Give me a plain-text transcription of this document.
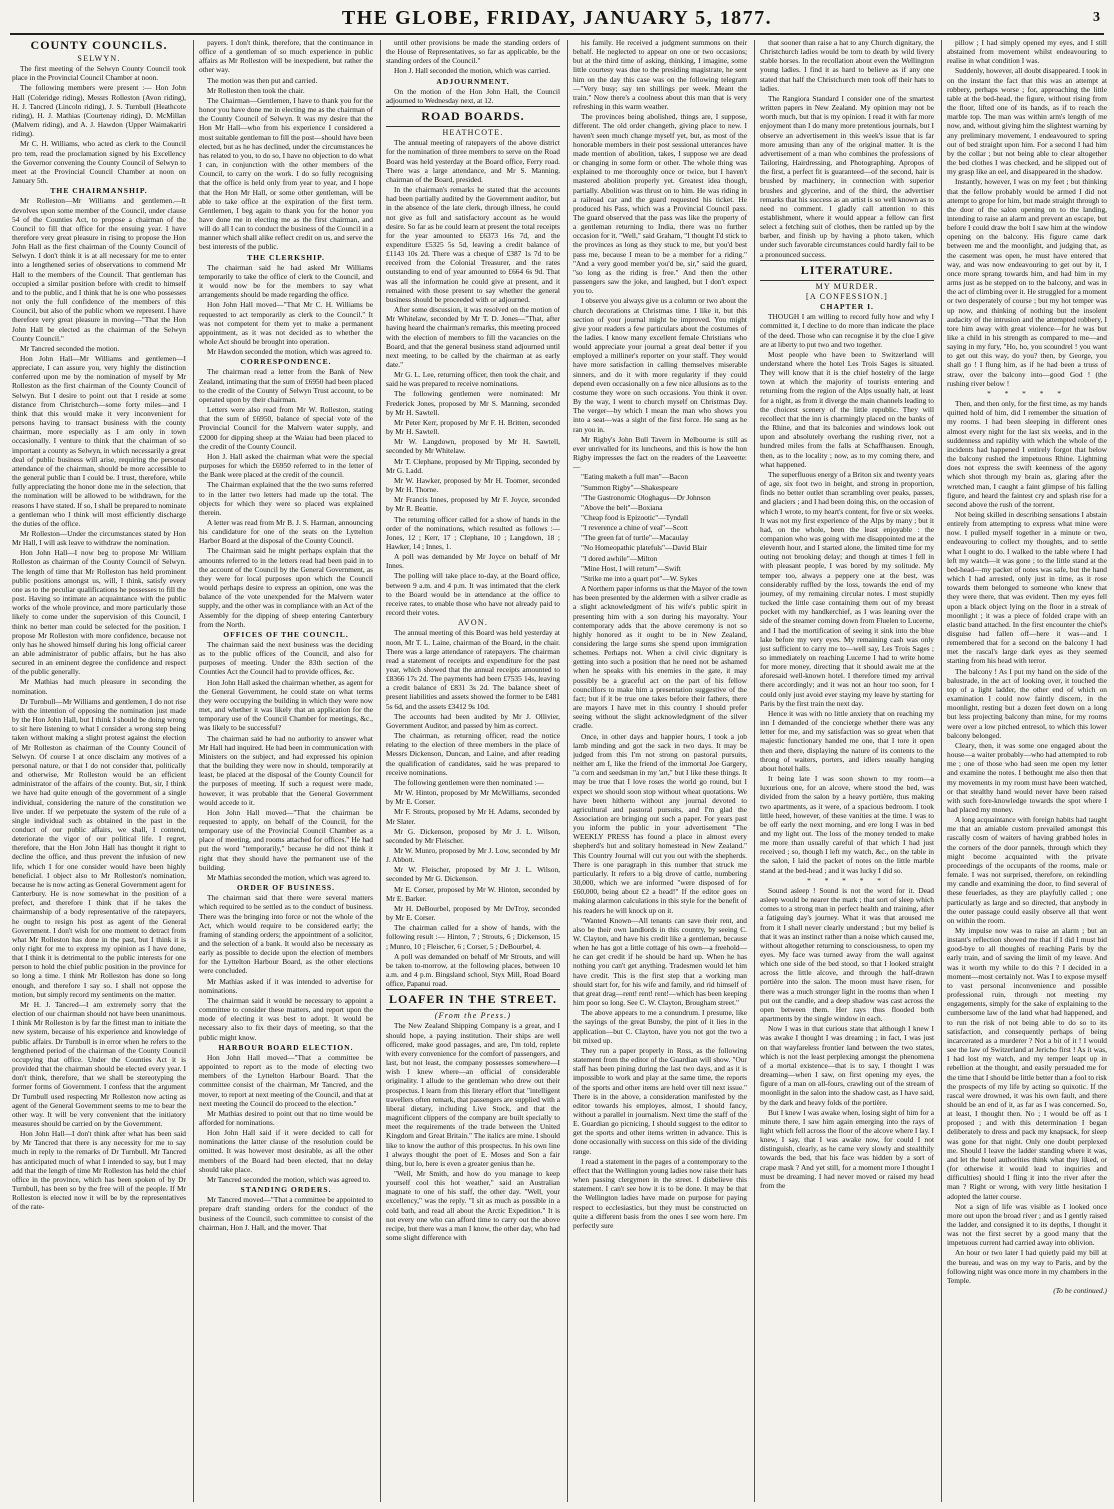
THE GLOBE, FRIDAY, JANUARY 5, 1877.	3

COUNTY COUNCILS.

SELWYN.

The first meeting of the Selwyn County Council took place in the Provincial Council Chamber at noon.

The following members were present :— Hon John Hall (Coleridge riding), Messrs Rolleston (Avon riding), H. J. Tancred (Lincoln riding), J. S. Turnbull (Heathcote riding), H. J. Mathias (Courtenay riding), D. McMillan (Malvern riding), and A. J. Hawdon (Upper Waimakariri riding).

Mr C. H. Williams, who acted as clerk to the Council pro tem, read the proclamation signed by his Excellency the Governor convening the County Council of Selwyn to meet at the Provincial Council Chamber at noon on January 5th.

THE CHAIRMANSHIP.

Mr Rolleston—Mr Williams and gentlemen.—It devolves upon some member of the Council, under clause 54 of the Counties Act, to propose a chairman of the Council to fill that office for the ensuing year. I have therefore very great pleasure in rising to propose the Hon John Hall as the first chairman of the County Council of Selwyn. I don't think it is at all necessary for me to enter into a lengthened series of observations to commend Mr Hall to the members of the Council. That gentleman has occupied a similar position before with credit to himself and to the public, and I think that he is one who possesses not only the full confidence of the members of this Council, but also of the public whom we represent. I have therefore very great pleasure in moving—"That the Hon John Hall be elected as the chairman of the Selwyn County Council."

Mr Tancred seconded the motion.

Hon John Hall—Mr Williams and gentlemen—I appreciate, I can assure you, very highly the distinction conferred upon me by the nomination of myself by Mr Rolleston as the first chairman of the County Council of Selwyn. But I desire to point out that I reside at some distance from Christchurch—some forty miles—and I think that this would make it very inconvenient for persons having to transact business with the county chairman, more especially as I am only in town occasionally. I venture to think that the chairman of so important a county as Selwyn, in which necessarily a great deal of public business will arise, requiring the personal attendance of the chairman, should be more accessible to the general public than I could be. I trust, therefore, while fully appreciating the honor done me in the selection, that the nomination will be allowed to be withdrawn, for the reasons I have stated. If so, I shall be prepared to nominate a gentleman who I think will most efficiently discharge the duties of the office.

Mr Rolleston—Under the circumstances stated by Hon Mr Hall, I will ask leave to withdraw the nomination.

Hon John Hall—I now beg to propose Mr William Rolleston as chairman of the County Council of Selwyn. The length of time that Mr Rolleston has held prominent public positions amongst us, will, I think, satisfy every one as to the peculiar qualifications he possesses to fill the post. Having so intimate an acquaintance with the public works of the whole province, and more particularly those likely to come under the supervision of this Council, I think no better man could be selected for the position. I propose Mr Rolleston with more confidence, because not only has he showed himself during his long official career an able administrator of public affairs, but he has also secured in an eminent degree the confidence and respect of the public generally.

Mr Mathias had much pleasure in seconding the nomination.

Dr Turnbull—Mr Williams and gentlemen, I do not rise with the intention of opposing the nomination just made by the Hon John Hall, but I think I should be doing wrong to sit here listening to what I consider a wrong step being taken without making a slight protest against the election of Mr Rolleston as chairman of the County Council of Selwyn. Of course I at once disclaim any motives of a personal nature, or that I do not consider that, politically and otherwise, Mr Rolleston would be an efficient administrator of the affairs of the county. But, sir, I think we have had quite enough of the government of a single individual, considering the nature of the constitution we live under. If we perpetuate the system of the rule of a single individual such as obtained in the past in the conduct of our public affairs, we shall, I contend, deteriorate the vigor of our political life. I regret, therefore, that the Hon John Hall has thought it right to decline the office, and thus prevent the infusion of new life, which I for one consider would have been highly beneficial. I object also to Mr Rolleston's nomination, because he is now acting as General Government agent for Canterbury. He is now somewhat in the position of a prefect, and therefore I think that if he takes the chairmanship of a body representative of the ratepayers, he ought to resign his post as agent of the General Government. I don't wish for one moment to detract from what Mr Rolleston has done in the past, but I think it is only right for me to express my opinion as I have done, that I think it is detrimental to the public interests for one person to hold the chief public position in the province for so long a time. I think Mr Rolleston has done so long enough, and therefore I say so. I shall not oppose the motion, but simply record my sentiments on the matter.

Mr H. J. Tancred—I am extremely sorry that the election of our chairman should not have been unanimous. I think Mr Rolleston is by far the fittest man to initiate the new system, because of his experience and knowledge of public affairs. Dr Turnbull is in error when he refers to the lengthened period of the chairman of the County Council occupying that office. Under the Counties Act it is provided that the chairman should be elected every year. I don't think, therefore, that we shall be stereotyping the former forms of Government. I confess that the argument Dr Turnbull used respecting Mr Rolleston now acting as agent of the General Government seems to me to bear the other way. It will be very convenient that the initiatory measures should be carried on by the Government.

Hon John Hall—I don't think after what has been said by Mr Tancred that there is any necessity for me to say much in reply to the remarks of Dr Turnbull. Mr Tancred has anticipated much of what I intended to say, but I may add that the length of time Mr Rolleston has held the chief office in the province, which has been spoken of by Dr Turnbull, has been so by the free will of the people. If Mr Rolleston is elected now it will be by the representatives of the rate-

payers. I don't think, therefore, that the continuance in office of a gentleman of so much experience in public affairs as Mr Rolleston will be inexpedient, but rather the other way.

The motion was then put and carried.

Mr Rolleston then took the chair.

The Chairman—Gentlemen, I have to thank you for the honor you have done me in electing me as the chairman of the County Council of Selwyn. It was my desire that the Hon Mr Hall—who from his experience I considered a most suitable gentleman to fill the post—should have been elected, but as he has declined, under the circumstances he has related to you, to do so, I have no objection to do what I can, in conjunction with the other members of the Council, to carry on the work. I do so fully recognising that the office is held only from year to year, and I hope that the Hon Mr Hall, or some other gentleman, will be able to take office at the expiration of the first term. Gentlemen, I beg again to thank you for the honor you have done me in electing me as the first chairman, and will do all I can to conduct the business of the Council in a manner which shall alike reflect credit on us, and serve the best interests of the public.

THE CLERKSHIP.

The chairman said he had asked Mr Williams temporarily to take the office of clerk to the Council, and it would now be for the members to say what arrangements should be made regarding the office.

Hon John Hall moved—"That Mr C. H. Williams be requested to act temporarily as clerk to the Council." It was not competent for them yet to make a permanent appointment, as it was not decided as to whether the whole Act should be brought into operation.

Mr Hawdon seconded the motion, which was agreed to.

CORRESPONDENCE.

The chairman read a letter from the Bank of New Zealand, intimating that the sum of £6950 had been placed to the credit of the County of Selwyn Trust account, to be operated upon by their chairman.

Letters were also read from Mr W. Rolleston, stating that the sum of £6950, balance of special vote of the Provincial Council for the Malvern water supply, and £2000 for dipping sheep at the Waiau had been placed to the credit of the County Council.

Hon J. Hall asked the chairman what were the special purposes for which the £6950 referred to in the letter of the Bank were placed at the credit of the council.

The Chairman explained that the the two sums referred to in the latter two letters had made up the total. The objects for which they were so placed was explained therein.

A letter was read from Mr B. J. S. Harman, announcing his candidature for one of the seats on the Lyttelton Harbor Board at the disposal of the County Council.

The Chairman said he might perhaps explain that the amounts referred to in the letters read had been paid in to the account of the Council by the General Government, as they were for local purposes upon which the Council would perhaps desire to express an opinion, one was the balance of the vote unexpended for the Malvern water supply, and the other was in compliance with an Act of the Assembly for the dipping of sheep entering Canterbury from the North.

OFFICES OF THE COUNCIL.

The chairman said the next business was the deciding as to the public offices of the Council, and also for purposes of meeting. Under the 83th section of the Counties Act the Council had to provide offices, &c.

Hon John Hall asked the chairman whether, as agent for the General Government, he could state on what terms they were occupying the building in which they were now met, and whether it was likely that an application for the temporary use of the Council Chamber for meetings, &c., was likely to be successful?

The chairman said he had no authority to answer what Mr Hall had inquired. He had been in communication with Ministers on the subject, and had expressed his opinion that the building they were now in should, temporarily at least, be placed at the disposal of the County Council for the purposes of meeting. If such a request were made, however, it was probable that the General Government would accede to it.

Hon John Hall moved—"That the chairman be requested to apply, on behalf of the Council, for the temporary use of the Provincial Council Chamber as a place of meeting, and rooms attached for offices." He had put the word "temporarily," because he did not think it right that they should have the permanent use of the building.

Mr Mathias seconded the motion, which was agreed to.

ORDER OF BUSINESS.

The chairman said that there were several matters which required to be settled as to the conduct of business. There was the bringing into force or not the whole of the Act, which would require to be considered early; the framing of standing orders; the appointment of a solicitor, and the selection of a bank. It would also be necessary as early as possible to decide upon the election of members for the Lyttelton Harbour Board, as the other elections were concluded.

Mr Mathias asked if it was intended to advertise for nominations.

The chairman said it would be necessary to appoint a committee to consider these matters, and report upon the mode of electing it was best to adopt. It would be necessary also to fix their days of meeting, so that the public might know.

HARBOUR BOARD ELECTION.

Hon John Hall moved—"That a committee be appointed to report as to the mode of electing two members of the Lyttelton Harbour Board. That the committee consist of the chairman, Mr Tancred, and the mover, to report at next meeting of the Council, and that at next meeting the Council do proceed to the election."

Mr Mathias desired to point out that no time would be afforded for nominations.

Hon John Hall said if it were decided to call for nominations the latter clause of the resolution could be omitted. It was however most desirable, as all the other members of the Board had been elected, that no delay should take place.

Mr Tancred seconded the motion, which was agreed to.

STANDING ORDERS.

Mr Tancred moved—"That a committee be appointed to prepare draft standing orders for the conduct of the business of the Council, such committee to consist of the chairman, Hon J. Hall, and the mover. That

until other provisions be made the standing orders of the House of Representatives, so far as applicable, be the standing orders of the Council."

Hon J. Hall seconded the motion, which was carried.

ADJOURNMENT.

On the motion of the Hon John Hall, the Council adjourned to Wednesday next, at 12.

ROAD BOARDS.

HEATHCOTE.

The annual meeting of ratepayers of the above district for the nomination of three members to serve on the Road Board was held yesterday at the Board office, Ferry road. There was a large attendance, and Mr S. Manning, chairman of the Board, presided.

In the chairman's remarks he stated that the accounts had been partially audited by the Government auditor, but in the absence of the late clerk, through illness, he could not give as full and satisfactory account as he would desire. So far as he could learn at present the total receipts for the year amounted to £6373 16s 7d, and the expenditure £5325 5s 5d, leaving a credit balance of £1143 10s 2d. There was a cheque of £387 1s 7d to be received from the Colonial Treasurer, and the rates outstanding to end of year amounted to £664 6s 9d. That was all the information he could give at present, and it remained with those present to say whether the general business should be proceeded with or adjourned.

After some discussion, it was resolved on the motion of Mr Whitelaw, seconded by Mr T. D. Jones—"That, after having heard the chairman's remarks, this meeting proceed with the election of members to fill the vacancies on the Board, and that the general business stand adjourned until next meeting, to be called by the chairman at as early date."

Mr G. L. Lee, returning officer, then took the chair, and said he was prepared to receive nominations.

The following gentlemen were nominated: Mr Frederick Jones, proposed by Mr S. Manning, seconded by Mr H. Sawtell.

Mr Peter Kerr, proposed by Mr F. H. Britten, seconded by Mr H. Sawtell.

Mr W. Langdown, proposed by Mr H. Sawtell, seconded by Mr Whitelaw.

Mr T. Clephane, proposed by Mr Tipping, seconded by Mr G. Ladd.

Mr W. Hawker, proposed by Mr H. Toomer, seconded by Mr H. Thorne.

Mr Francis Innes, proposed by Mr F. Joyce, seconded by Mr R. Beattie.

The returning officer called for a show of hands in the order of the nominations, which resulted as follows :—Jones, 12 ; Kerr, 17 ; Clephane, 10 ; Langdown, 18 ; Hawker, 14 ; Innes, 1.

A poll was demanded by Mr Joyce on behalf of Mr Innes.

The polling will take place to-day, at the Board office, between 9 a.m. and 4 p.m. It was intimated that the clerk to the Board would be in attendance at the office to receive rates, to enable those who have not already paid to record their votes.

AVON.

The annual meeting of this Board was held yesterday at noon, Mr T. L. Laine, chairman of the Board, in the chair. There was a large attendance of ratepayers. The chairman read a statement of receipts and expenditure for the past year, which showed that the annual receipts amounted to £8366 17s 2d. The payments had been £7535 14s, leaving a credit balance of £831 3s 2d. The balance sheet of present liabilities and assets showed the former to be £481 5s 6d, and the assets £3412 9s 10d.

The accounts had been audited by Mr J. Ollivier, Government Auditor, and passed by him as correct.

The chairman, as returning officer, read the notice relating to the election of three members in the place of Messrs Dickenson, Duncan, and Laine, and after reading the qualification of candidates, said he was prepared to receive nominations.

The following gentlemen were then nominated :—

Mr W. Hinton, proposed by Mr McWilliams, seconded by Mr E. Corser.

Mr F. Strouts, proposed by Mr H. Adams, seconded by Mr Slater.

Mr G. Dickenson, proposed by Mr J. L. Wilson, seconded by Mr Fleischer.

Mr W. Munro, proposed by Mr J. Low, seconded by Mr J. Abbott.

Mr W. Fleischer, proposed by Mr J. L. Wilson, seconded by Mr G. Dickenson.

Mr E. Corser, proposed by Mr W. Hinton, seconded by Mr E. Barker.

Mr H. DeBourbel, proposed by Mr DeTroy, seconded by Mr E. Corser.

The chairman called for a show of hands, with the following result :— Hinton, 7 ; Strouts, 6 ; Dickenson, 15 ; Munro, 10 ; Fleischer, 6 ; Corser, 5 ; DeBourbel, 4.

A poll was demanded on behalf of Mr Strouts, and will be taken to-morrow, at the following places, between 10 a.m. and 4 p.m. Bingsland school, Styx Mill, Road Board office, Papanui road.

LOAFER IN THE STREET.

(From the Press.)

The New Zealand Shipping Company is a great, and I should hope, a paying institution. Their ships are well officered, make good passages, and are, I'm told, replete with every convenience for the comfort of passengers, and last, but not least, the company possesses somewhere—I wish I knew where—an official of considerable originality. I allude to the gentleman who drew out their prospectus. I learn from this literary effort that "intelligent travellers often remark, that passengers are supplied with a liberal dietary, including Live Stock, and that the magnificent clippers of the company are built specially to meet the requirements of the trade between the United Kingdom and Great Britain." The italics are mine. I should like to know the author of this prospectus. In his own line I always thought the poet of E. Moses and Son a fair thing, but lo, here is even a greater genius than he.

"Well, Mr Smith, and how do you manage to keep yourself cool this hot weather," said an Australian magnate to one of his staff, the other day. "Well, your excellency," was the reply. "I sit as much as possible in a cold bath, and read all about the Arctic Expedition." It is not every one who can afford time to carry out the above recipe, but there was a man I know, the other day, who had some slight difference with

his family. He received a judgment summons on their behalf. He neglected to appear on one or two occasions; but at the third time of asking, thinking, I imagine, some little courtesy was due to the presiding magistrate, he sent him on the day this case was on the following telegram—"Very busy; say ten shillings per week. Meant the train." Now there's a coolness about this man that is very refreshing in this warm weather.

The provinces being abolished, things are, I suppose, different. The old order changeth, giving place to new. I haven't seen much change myself yet, but, as most of the honorable members in their post sessional utterances have made mention of abolition, takes, I suppose we are dead or changing in some form or other. The whole thing was explained to me thoroughly once or twice, but I haven't mastered abolition properly yet. Greatest idea though, partially. Abolition was thrust on to him. He was riding in a railroad car and the guard requested his ticket. He produced his Pass, which was a Provincial Council pass. The guard observed that the pass was like the property of a gentleman returning to India, there was no further occasion for it. "Well," said Graham, "I thought I'd stick to the provinces as long as they stuck to me, but you'd best pass me, because I mean to be a member for a riding." "And a very good member you'd be, sir," said the guard, "so long as the riding is free." And then the other passengers saw the joke, and laughed, but I don't expect you to.

I observe you always give us a column or two about the church decorations at Christmas time. I like it, but this section of your journal might be improved. You might give your readers a few particulars about the costumes of the ladies. I know many excellent female Christians who would appreciate your journal a great deal better if you employed a milliner's reporter on your staff. They would have more satisfaction in calling themselves miserable sinners, and do it with more regularity if they could depend even occasionally on a few nice allusions as to the costume they wore on such occasions. You think it over. By the way, I went to church myself on Christmas Day. The verger—by which I mean the man who shows you into a seat—was a sight of the first force. He sang as he ran you in.

Mr Rigby's John Bull Tavern in Melbourne is still as ever unrivalled for its luncheons, and this is how the hon Rigby impresses the fact on the readers of the Leaveette:—

"Eating maketh a full man"—Bacon

"Summon Rigby"—Shakespeare

"The Gastronomic Ologhagus—Dr Johnson

"Above the belt"—Boxiana

"Cheap food is Epizootic"—Tyndall

"I reverence a chine of veal"—Scott

"The green fat of turtle"—Macaulay

"No Homeopathic platefuls"—David Blair

"I dored awhile"—Milton

"Mine Host, I will return"—Swift

"Strike me into a quart pot"—W. Sykes

A Northern paper informs us that the Mayor of the town has been presented by the aldermen with a silver cradle as a slight acknowledgment of his wife's public spirit in presenting him with a son during his mayoralty. Your contemporary adds that the above ceremony is not so highly honored as it ought to be in New Zealand, considering the large sums she spend upon immigration schemes. Perhaps not. When a civil civic dignitary is getting into such a position that he need not be ashamed when he speaks with his enemies in the gate, it may possibly be a graceful act on the part of his fellow councillors to make him a presentation suggestive of the fact; but if it be true one takes before their fathers, there are mayors I have met in this country I should prefer seeing without the slight acknowledgment of the silver cradle.

Once, in other days and happier hours, I took a job lamb minding and got the sack in two days. It may be judged from this I'm not strong on pastoral pursuits, neither am I, like the friend of the immortal Joe Gargery, "a corn and seedsman in my 'art," but I like these things. It may be true that I love roses the world go round, but I expect we should soon stop without wheat quotations. We have been hitherto without any journal devoted to agricultural and pastoral pursuits, and I'm glad the Association are bringing out such a paper. For years past you inform the public in your advertisement "The WEEKLY PRESS has found a place in almost every shepherd's hut and solitary homestead in New Zealand." This Country Journal will cut you out with the shepherds. There is one paragraph in this number that struck me particularly. It refers to a big drove of cattle, numbering 30,000, which we are informed "were disposed of for £60,000, being about £2 a head!" If the editor goes on making alarmon calculations in this style for the benefit of his readers he will knock up on it.

"Wanted Known—All tenants can save their rent, and also be their own landlords in this country, by seeing C. W. Clayton, and have his credit like a gentleman, because when he has got a little cottage of his own—a freehold—he can get credit if he should be hard up. When he has nothing you can't get anything. Tradesmen would let him have credit. This is the first step that a working man should start for, for his wife and family, and rid himself of that great drag—rent! rent! rent!—which has been keeping him poor so long. See C. W. Clayton, Brougham street."

The above appears to me a conundrum. I presume, like the sayings of the great Bunsby, the pint of it lies in the application—but C. Clayton, have you not got the two a bit mixed up.

They run a paper properly in Ross, as the following statement from the editor of the Guardian will show. "Our staff has been pining during the last two days, and as it is impossible to work and play at the same time, the reports of the sports and other items are held over till next issue." There is in the above, a consideration manifested by the editor towards his employes, almost, I should fancy, without a parallel in journalism. Next time the staff of the E. Guardian go picnicing, I should suggest to the editor to get the sports and other items written in advance. This is done occasionally with success on this side of the dividing range.

I read a statement in the pages of a contemporary to the effect that the Wellington young ladies now raise their hats when passing clergymen in the street. I disbelieve this statement. I can't see how it is to be done. It may be that the Wellington ladies have made on purpose for paying respect to ecclesiastics, but they must be constructed on quite a different basis from the ones I see worn here. I'm perfectly sure

that sooner than raise a hat to any Church dignitary, the Christchurch ladies would be torn to death by wild livery stable horses. In the recollation about even the Wellington young ladies. I find it as hard to believe as if any one stated that half the Christchurch men took off their hats to ladies.

The Rangiora Standard I consider one of the smartest written papers in New Zealand. My opinion may not be worth much, but that is my opinion. I read it with far more enjoyment than I do many more pretentious journals, but I observe an advertisement in this week's issue that is far more amusing than any of the original matter. It is the advertisement of a man who combines the professions of Tailoring, Hairdressing, and Photographing. Apropos of the first, a perfect fit is guaranteed—of the second, hair is brushed by machinery, in connection with superior brushes and glycerine, and of the third, the advertiser remarks that his success as an artist is so well known as to need no comment. I gladly call attention to this establishment, where it would appear a fellow can first select a fetching suit of clothes, then be rattled up by the barber, and finish up by having a photo taken, which under such favorable circumstances could hardly fail to be a pronounced success.

LITERATURE.

MY MURDER.

[A CONFESSION.]

CHAPTER I.

THOUGH I am willing to record fully how and why I committed it, I decline to do more than indicate the place of the deed. Those who can recognise it by the clue I give are at liberty to put two and two together.

Most people who have been to Switzerland will understand where the hotel Les Trois Sages is situated. They will know that it is the chief hostelry of the large town at which the majority of tourists entering and returning from the region of the Alps usually halt, at least for a night, as from it diverge the main channels leading to the choicest scenery of the little republic. They will recollect that the inn is charmingly placed on the banks of the Rhine, and that its balconies and windows look out upon and absolutely overhang the rushing river, not a hundred miles from the falls at Schaffhausen. Enough, then, as to the locality ; now, as to my coming there, and what happened.

The superfluous energy of a Briton six and twenty years of age, six foot two in height, and strong in proportion, finds no better outlet than scrambling over peaks, passes, and glaciers ; and I had been doing this, on the occasion of which I wrote, to my heart's content, for five or six weeks. It was not my first experience of the Alps by many ; but it had, on the whole, been the least enjoyable : the companion who was going with me disappointed me at the eleventh hour, and I started alone, the limited time for my outing not brooking delay; and though at times I fell in with pleasant people, I was bored by my solitude. My temper too, always a peppery one at the best, was considerably ruffled by the loss, towards the end of my journey, of my remaining circular notes. I most stupidly tucked the little case containing them out of my breast pocket with my handkerchief, as I was leaning over the side of the steamer coming down from Fluelen to Lucerne, and I had the mortification of seeing it sink into the blue lake before my very eyes. My remaining cash was only just sufficient to carry me to—well say, Les Trois Sages ; so immediately on reaching Lucerne I had to write home for more money, directing that it should await me at the aforesaid well-known hotel. I therefore timed my arrival there accordingly; and it was not an hour too soon, for I could only just avoid ever staying my leave by starting for Paris by the first train the next day.

Hence it was with no little anxiety that on reaching my inn I demanded of the concierge whether there was any letter for me, and my satisfaction was so great when that majestic functionary handed me one, that I tore it open then and there, displaying the nature of its contents to the throng of waiters, porters, and idlers usually hanging about hotel halls.

It being late I was soon shown to my room—a luxurious one, for an alcove, where stood the bed, was divided from the salon by a heavy portière, thus making two apartments, as it were, of a spacious bedroom. I took little heed, however, of these vanities at the time. I was to be off early the next morning, and ere long I was in bed and my light out. The loss of the money tended to make me more than usually careful of that which I had just received ; so, though I left my watch, &c., on the table in the salon, I laid the packet of notes on the little marble stand at the bed-head ; and it was lucky I did so.

* * * * *

Sound asleep ! Sound is not the word for it. Dead asleep would be nearer the mark ; that sort of sleep which comes to a strong man in perfect health and training, after a fatiguing day's journey. What it was that aroused me from it I shall never clearly understand ; but my belief is that it was an instinct rather than a noise which caused me, without altogether returning to consciousness, to open my eyes. My face was turned away from the wall against which one side of the bed stood, so that I looked straight across the little alcove, and through the half-drawn portière into the salon. The moon must have risen, for there was a much stronger light in the rooms than when I put out the candle, and a deep shadow was cast across the open between them. Her rays thus flooded both apartments by the single window in each.

Now I was in that curious state that although I knew I was awake I thought I was dreaming ; in fact, I was just on that wayfareless frontier land between the two states, which is not the least perplexing amongst the phenomena of a mortal existence—that is to say, I thought I was dreaming—when I saw, on first opening my eyes, the figure of a man on all-fours, crawling out of the stream of moonlight in the salon into the shadow cast, as I have said, by the dark and heavy folds of the portière.

But I knew I was awake when, losing sight of him for a minute there, I saw him again emerging into the rays of light which fell across the floor of the alcove where I lay. I knew, I say, that I was awake now, for could I not distinguish, clearly, as he came very slowly and stealthily towards the bed, that his face was hidden by a sort of crape mask ? And yet still, for a moment more I thought I must be dreaming. I had never moved or raised my head from the

pillow ; I had simply opened my eyes, and I still abstained from movement whilst endeavouring to realise in what condition I was.

Suddenly, however, all doubt disappeared. I took in on the instant the fact that this was an attempt at robbery, perhaps worse ; for, approaching the little table at the bed-head, the figure, without rising from the floor, lifted one of its hands, as if to reach the marble top. The man was within arm's length of me now, and, without giving him the slightest warning by any preliminary movement, I endeavoured to spring out of bed straight upon him. For a second I had him by the collar ; but not being able to clear altogether the bed clothes I was checked, and he slipped out of my grasp like an eel, and disappeared in the shadow.

Instantly, however, I was on my feet ; but thinking that the fellow probably would be armed I did not attempt to grope for him, but made straight through to the door of the salon opening on to the landing, intending to raise an alarm and prevent an escape, but before I could draw the bolt I saw him at the window opening on the balcony. His figure came dark between me and the moonlight, and judging that, as the casement was open, he must have entered that way, and was now endeavouring to get out by it, I once more sprang towards him, and had him in my arms just as he stepped on to the balcony, and was in the act of climbing over it. He struggled for a moment or two desperately of course ; but my hot temper was up now, and thinking of nothing but the insolent audacity of the intrusion and the attempted robbery, I tore him away with great violence—for he was but like a child in his strength as compared to me—and saying in my fury, "Ho, ho, you scoundrel ! you want to get out this way, do you? then, by George, you shall go ! I flung him, as if he had been a truss of straw, over the balcony into—good God ! (the rushing river below !

* * * * *

Then, and then only, for the first time, as my hands quitted hold of him, did I remember the situation of my rooms. I had been sleeping in different ones almost every night for the last six weeks, and in the suddenness and rapidity with which the whole of the incidents had happened I entirely forgot that below the balcony rushed the impetuous Rhine. Lightning does not express the swift keenness of the agony which shot through my brain as, glaring after the wretched man, I caught a faint glimpse of his falling figure, and heard the faintest cry and splash rise for a second above the rush of the torrent.

Not being skilled in describing sensations I abstain entirely from attempting to express what mine were now. I pulled myself together in a minute or two, endeavouring to collect my thoughts, and to settle what I ought to do. I walked to the table where I had left my watch—it was gone ; to the little stand at the bed-head—my packet of notes was safe, but the hand which I had arrested, only just in time, as it rose towards them belonged to someone who knew that they were there, that was evident. Then my eyes fell upon a black object lying on the floor in a streak of moonlight ; it was a piece of folded crape with an elastic band attached. In the first encounter the chief's disguise had fallen off—here it was—and I remembered that for a second on the balcony I had met the rascal's large dark eyes as they seemed starting from his head with terror.

The balcony ! As I put my hand on the side of the balustrade, in the act of looking over, it touched the top of a light ladder, the other end of which on examination I could now faintly discern, in the moonlight, resting but a dozen feet down on a long but less projecting balcony than mine, for my rooms were over a low pitched entresol, to which this lower balcony belonged.

Cleary, then, it was some one engaged about the house—a waiter probably—who had attempted to rob me ; one of those who had seen me open my letter and examine the notes. I bethought me also then that my movements in my room must have been watched, or that stealthy hand would never have been raised with such fore-knowledge towards the spot where I had placed my money.

A long acquaintance with foreign habits had taught me that an amiable custom prevailed amongst this rascally cosm of waiters of having grabbed holes in the corners of the door pannels, through which they might become acquainted with the private proceedings of the occupants of the rooms, male or female. I was not surprised, therefore, on rekindling my candle and examining the door, to find several of these feuerlades, as they are playfully called ; one particularly as large and so directed, that anybody in the outer passage could easily observe all that went on within the room.

My impulse now was to raise an alarm ; but an instant's reflection showed me that if I did I must bid good-bye to all thoughts of reaching Paris by the early train, and of saving the limit of my leave. And was it worth my while to do this ? I decided in a moment—most certainly not. Was I to expose myself to vast personal inconvenience and possible professional ruin, through not meeting my engagements, simply for the sake of explaining to the cumbersome law of the land what had happened, and to run the risk of not being able to do so to its satisfaction, and consequently perhaps of being incarcerated as a murderer ? Not a bit of it ! I would see the law of Switzerland at Jericho first ! As it was, I had lost my watch, and my temper leapt up in rebellion at the thought, and easily persuaded me for the time that I should be little better than a fool to risk the prospects of my life by acting so quixotic. If the rascal were drowned, it was his own fault, and there should be an end of it, as far as I was concerned. So, at least, I thought then. No ; I would be off as I proposed ; and with this determination I began deliberately to dress and pack my knapsack, for sleep was gone for that night. Only one doubt perplexed me. Should I leave the ladder standing where it was, and let the hotel authorities think what they liked, or (for otherwise it would lead to inquiries and difficulties) should I fling it into the river after the man ? Right or wrong, with very little hesitation I adopted the latter course.

Not a sign of life was visible as I looked once more out upon the broad river ; and as I gently raised the ladder, and consigned it to its depths, I thought it was not the first secret by a good many that the impetuous current had carried away into oblivion.

An hour or two later I had quietly paid my bill at the bureau, and was on my way to Paris, and by the following night was once more in my chambers in the Temple.

(To be continued.)
